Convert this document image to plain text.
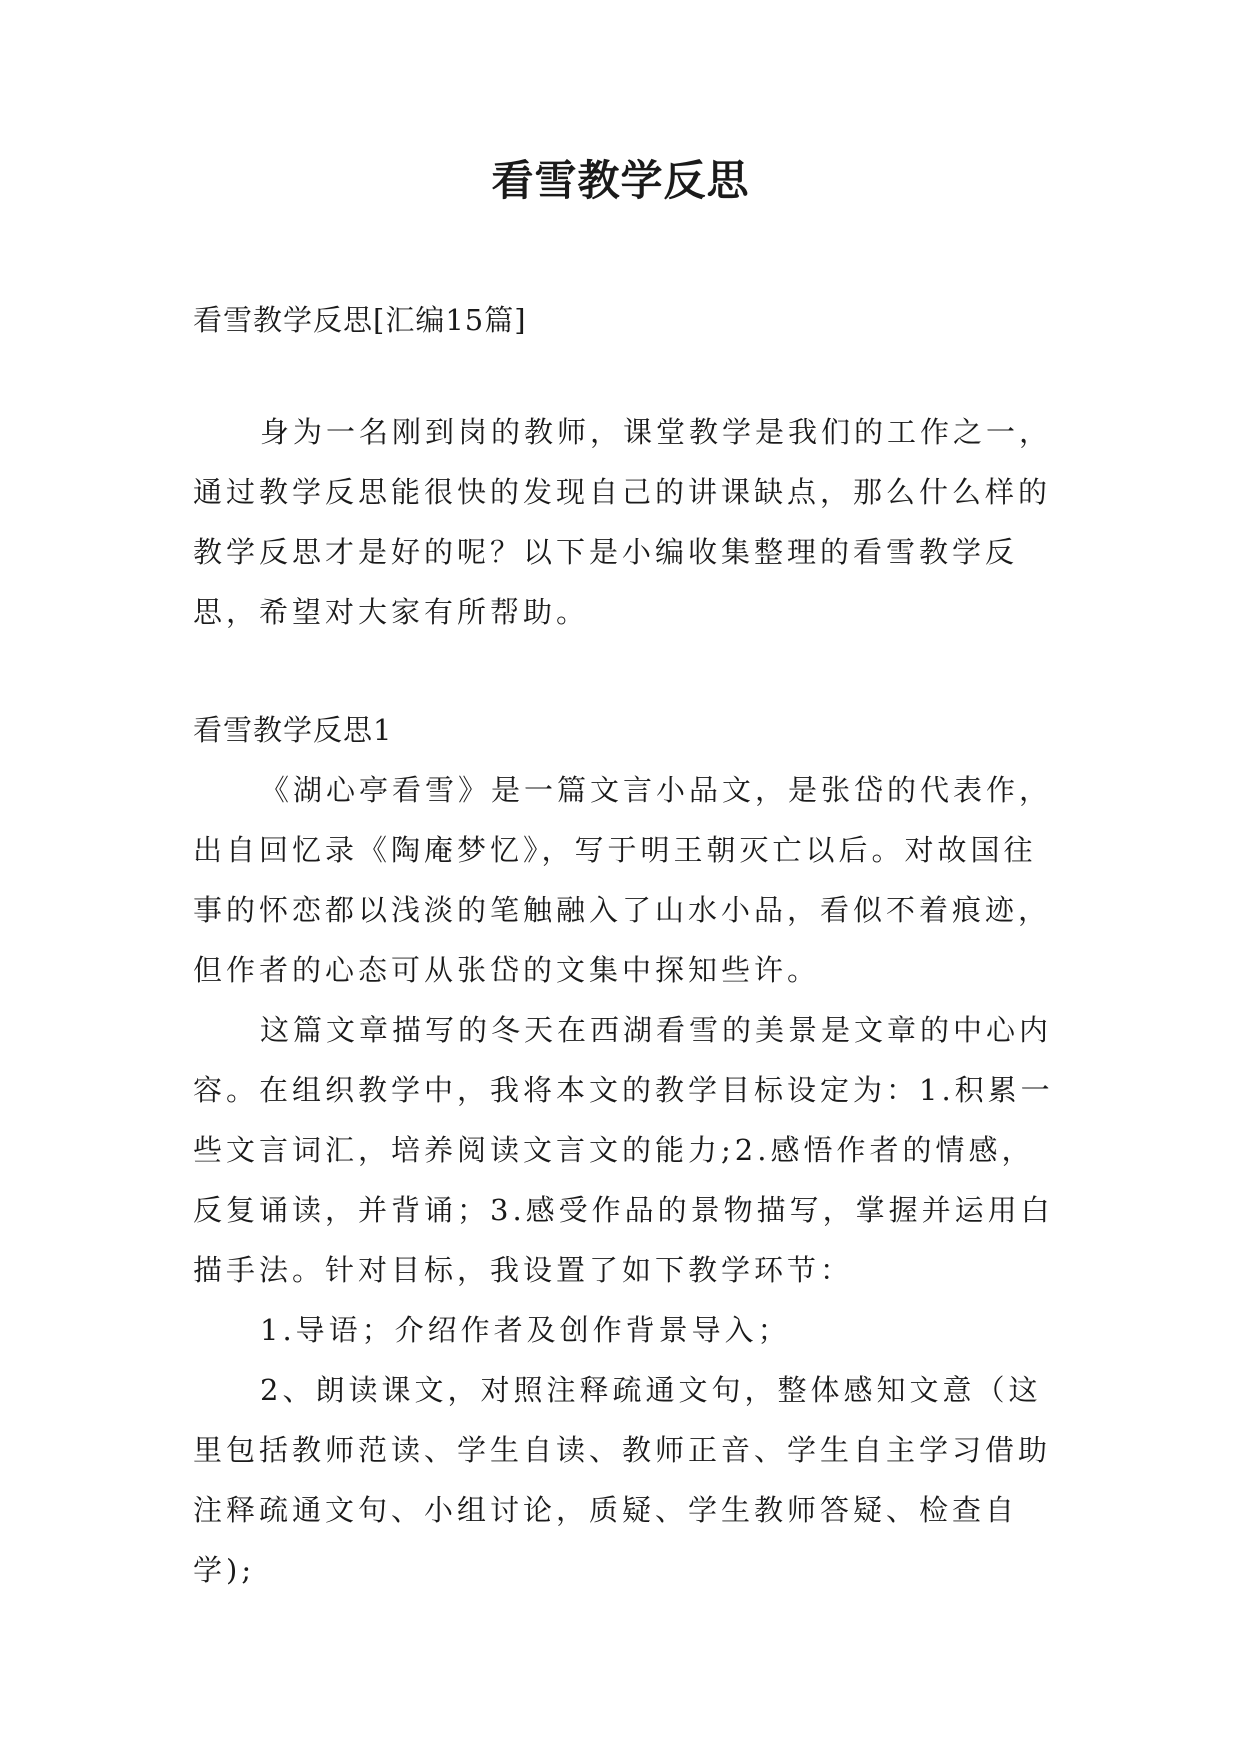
看雪教学反思
看雪教学反思[汇编15篇]

身为一名刚到岗的教师，课堂教学是我们的工作之一，通过教学反思能很快的发现自己的讲课缺点，那么什么样的教学反思才是好的呢？以下是小编收集整理的看雪教学反思，希望对大家有所帮助。

看雪教学反思1

《湖心亭看雪》是一篇文言小品文，是张岱的代表作，出自回忆录《陶庵梦忆》，写于明王朝灭亡以后。对故国往事的怀恋都以浅淡的笔触融入了山水小品，看似不着痕迹，但作者的心态可从张岱的文集中探知些许。

这篇文章描写的冬天在西湖看雪的美景是文章的中心内容。在组织教学中，我将本文的教学目标设定为：1.积累一些文言词汇，培养阅读文言文的能力;2.感悟作者的情感，反复诵读，并背诵；3.感受作品的景物描写，掌握并运用白描手法。针对目标，我设置了如下教学环节：

1.导语；介绍作者及创作背景导入；

2、朗读课文，对照注释疏通文句，整体感知文意（这里包括教师范读、学生自读、教师正音、学生自主学习借助注释疏通文句、小组讨论，质疑、学生教师答疑、检查自学);
